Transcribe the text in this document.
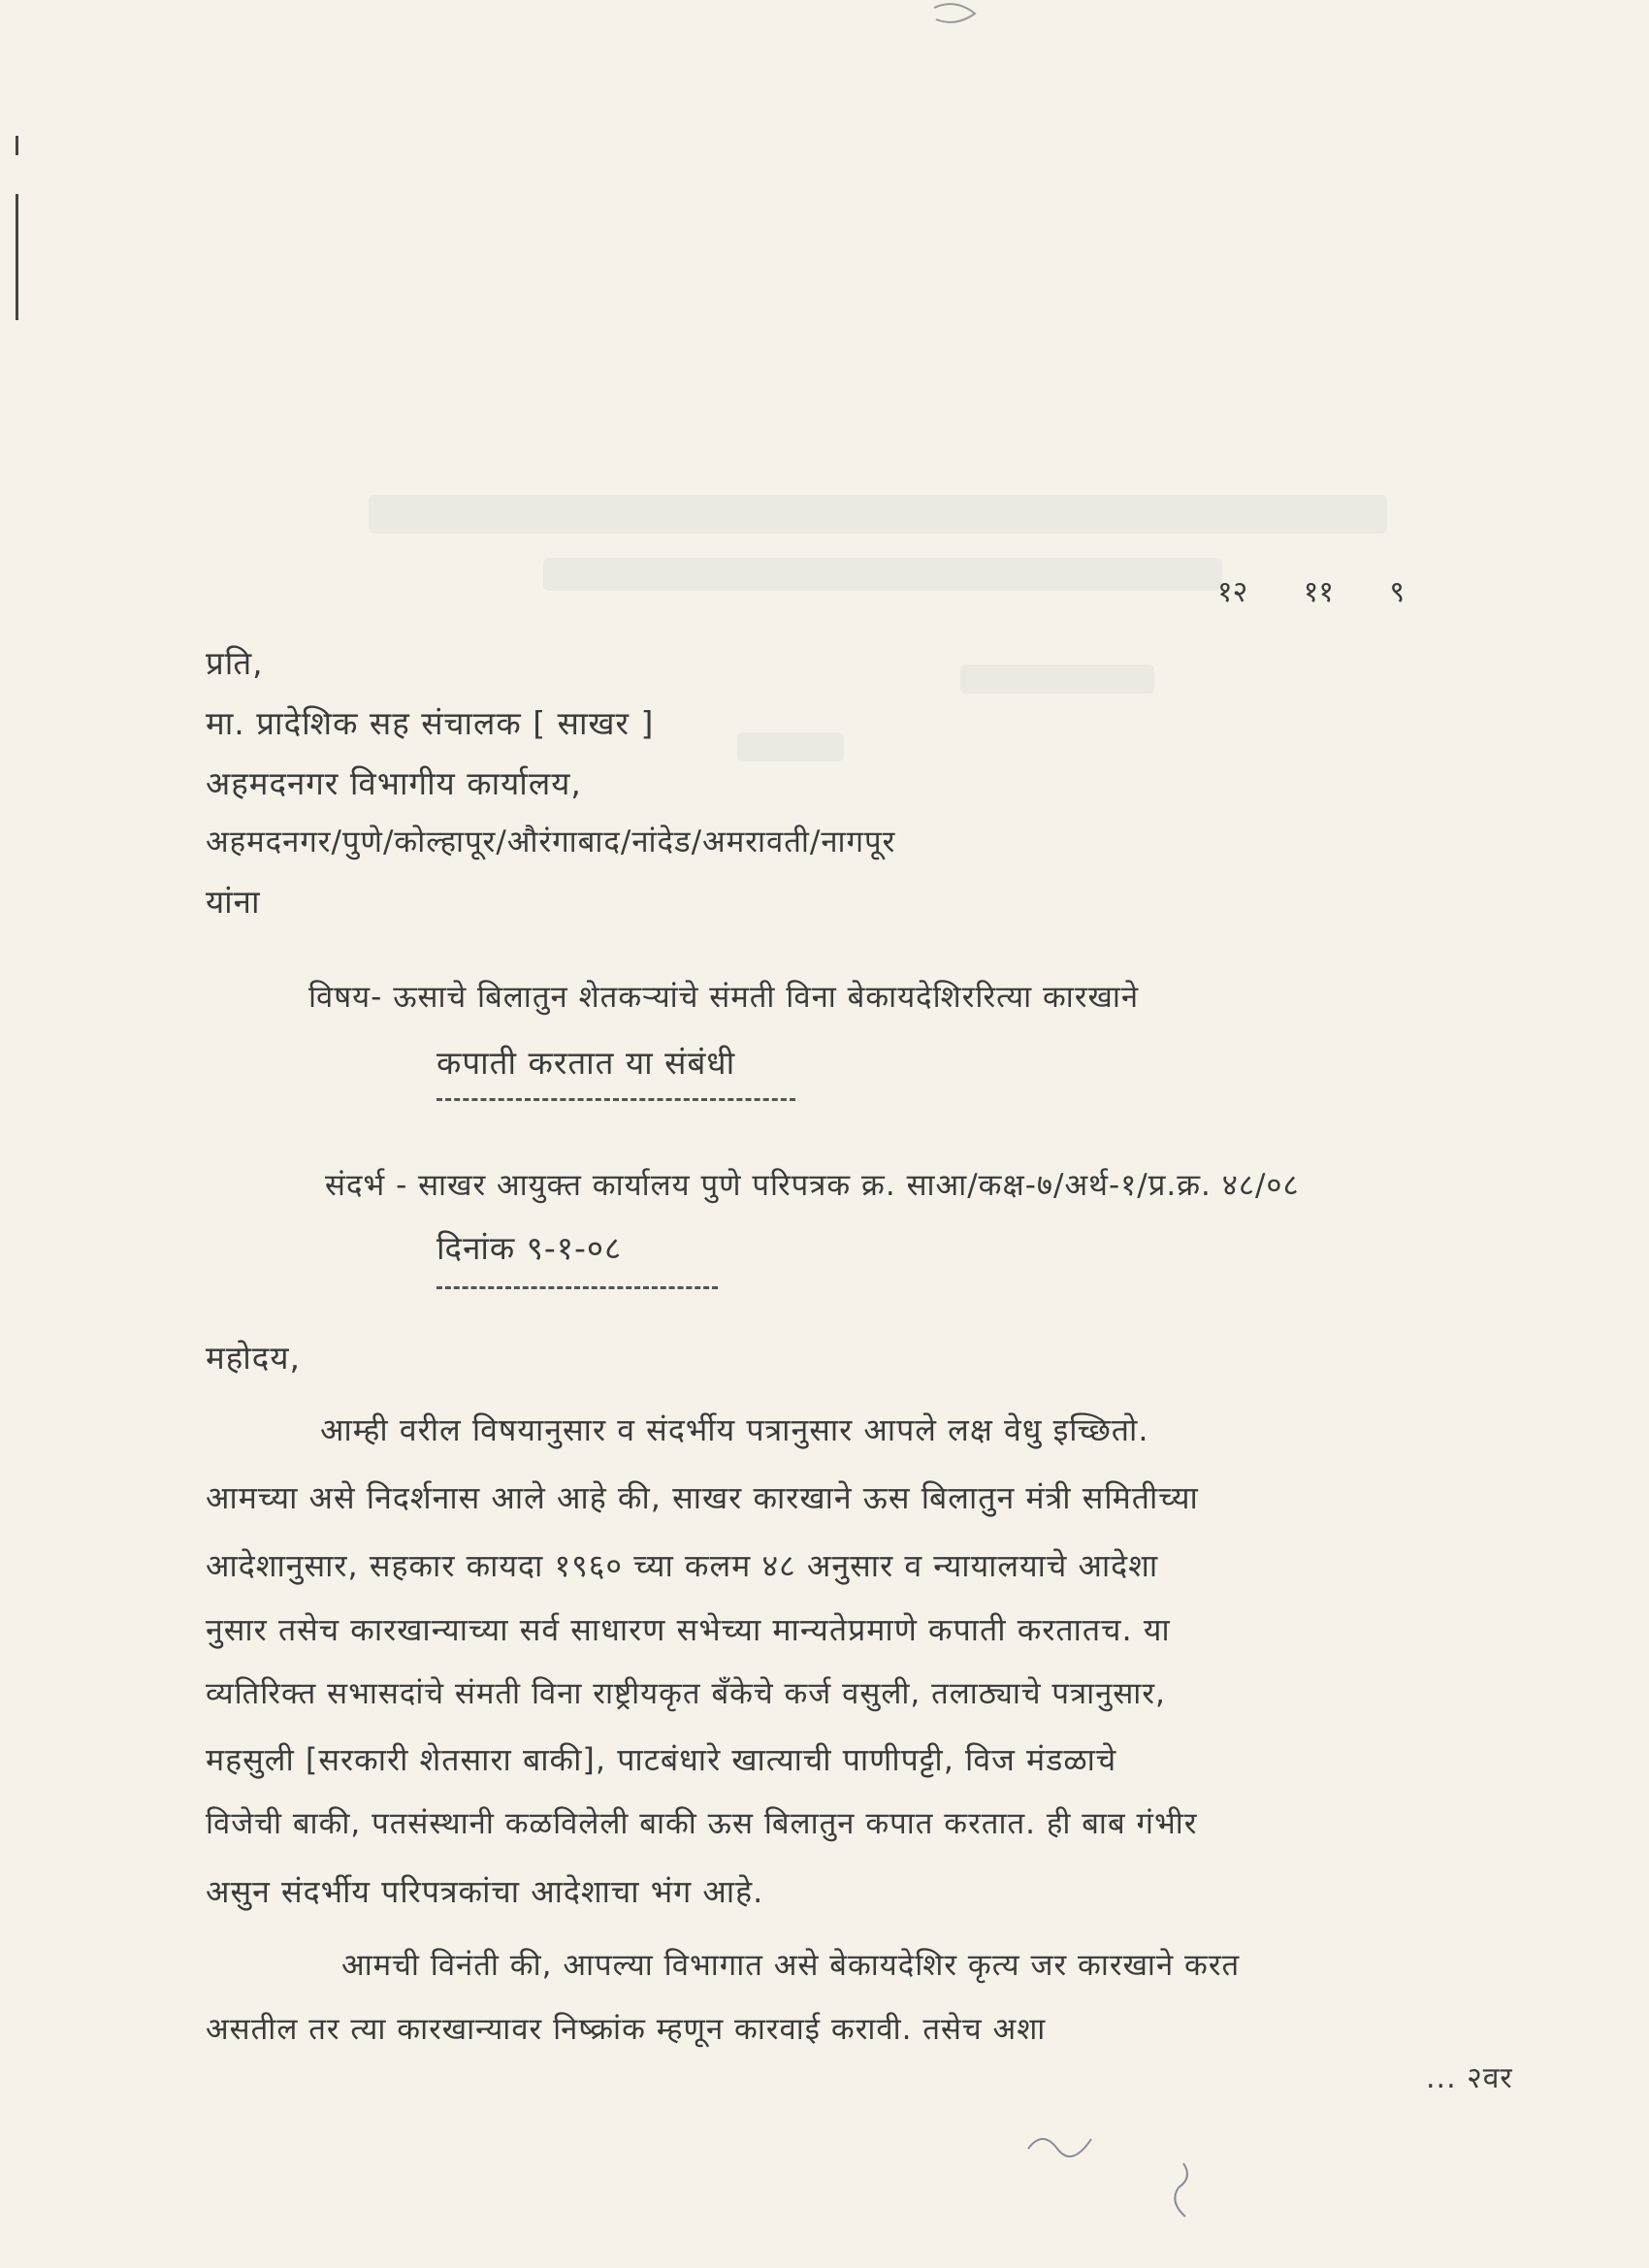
१२ ११ ९
प्रति,
मा. प्रादेशिक सह संचालक [ साखर ]
अहमदनगर विभागीय कार्यालय,
अहमदनगर/पुणे/कोल्हापूर/औरंगाबाद/नांदेड/अमरावती/नागपूर
यांना
विषय- ऊसाचे बिलातुन शेतकऱ्यांचे संमती विना बेकायदेशिररित्या कारखाने
कपाती करतात या संबंधी
संदर्भ - साखर आयुक्त कार्यालय पुणे परिपत्रक क्र. साआ/कक्ष-७/अर्थ-१/प्र.क्र. ४८/०८
दिनांक ९-१-०८
महोदय,
आम्ही वरील विषयानुसार व संदर्भीय पत्रानुसार आपले लक्ष वेधु इच्छितो.
आमच्या असे निदर्शनास आले आहे की, साखर कारखाने ऊस बिलातुन मंत्री समितीच्या
आदेशानुसार, सहकार कायदा १९६० च्या कलम ४८ अनुसार व न्यायालयाचे आदेशा
नुसार तसेच कारखान्याच्या सर्व साधारण सभेच्या मान्यतेप्रमाणे कपाती करतातच. या
व्यतिरिक्त सभासदांचे संमती विना राष्ट्रीयकृत बँकेचे कर्ज वसुली, तलाठ्याचे पत्रानुसार,
महसुली [सरकारी शेतसारा बाकी], पाटबंधारे खात्याची पाणीपट्टी, विज मंडळाचे
विजेची बाकी, पतसंस्थानी कळविलेली बाकी ऊस बिलातुन कपात करतात. ही बाब गंभीर
असुन संदर्भीय परिपत्रकांचा आदेशाचा भंग आहे.
आमची विनंती की, आपल्या विभागात असे बेकायदेशिर कृत्य जर कारखाने करत
असतील तर त्या कारखान्यावर निष्क्रांक म्हणून कारवाई करावी. तसेच अशा
... २वर
